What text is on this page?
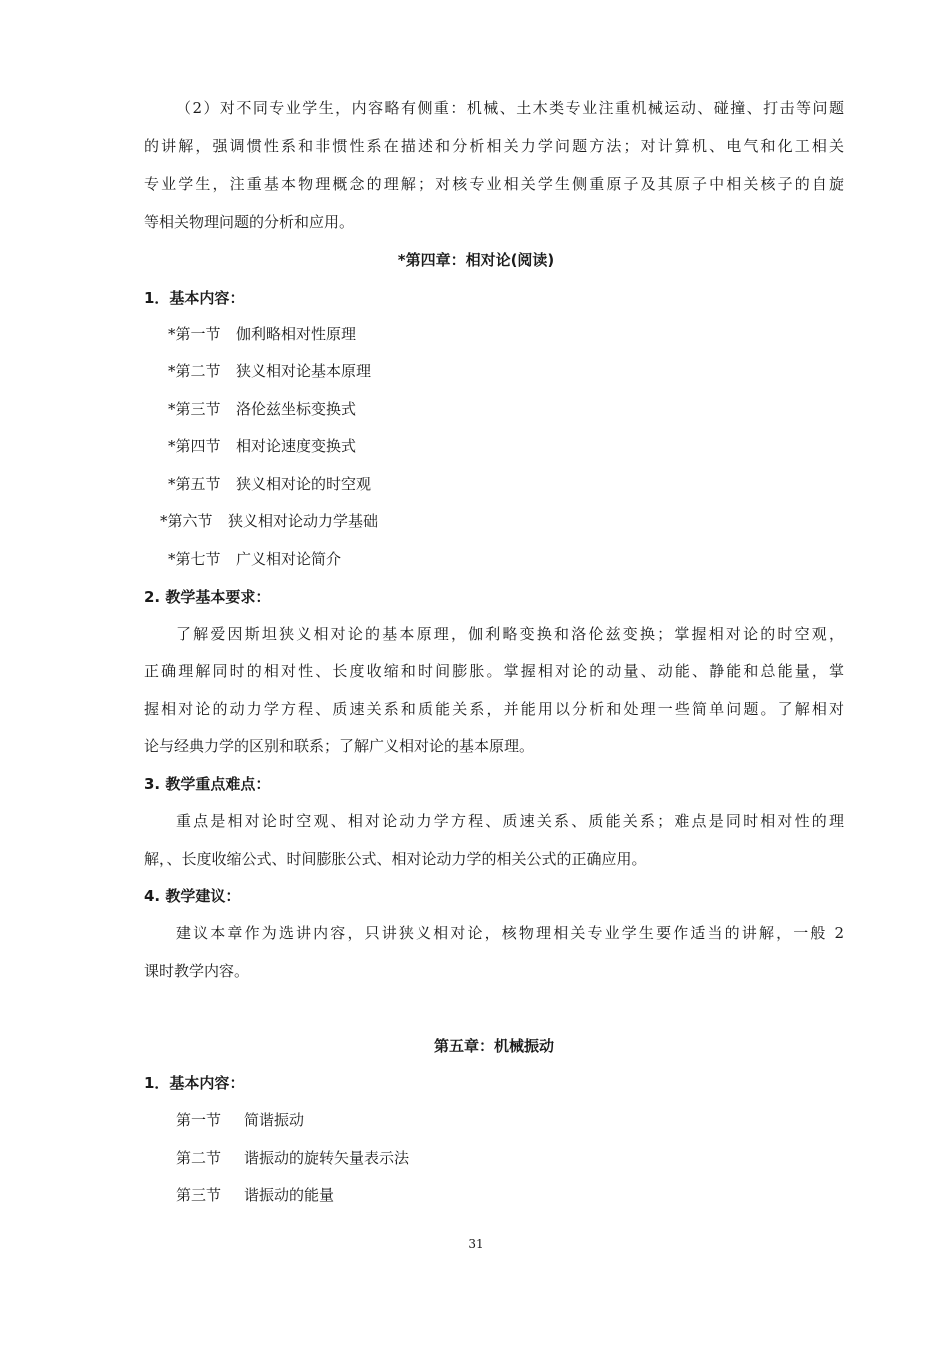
（2）对不同专业学生，内容略有侧重：机械、土木类专业注重机械运动、碰撞、打击等问题
的讲解，强调惯性系和非惯性系在描述和分析相关力学问题方法；对计算机、电气和化工相关
专业学生，注重基本物理概念的理解；对核专业相关学生侧重原子及其原子中相关核子的自旋
等相关物理问题的分析和应用。
*第四章：相对论(阅读)
1．基本内容：
*第一节 伽利略相对性原理
*第二节 狭义相对论基本原理
*第三节 洛伦兹坐标变换式
*第四节 相对论速度变换式
*第五节 狭义相对论的时空观
*第六节 狭义相对论动力学基础
*第七节 广义相对论简介
2. 教学基本要求：
了解爱因斯坦狭义相对论的基本原理，伽利略变换和洛伦兹变换；掌握相对论的时空观，
正确理解同时的相对性、长度收缩和时间膨胀。掌握相对论的动量、动能、静能和总能量，掌
握相对论的动力学方程、质速关系和质能关系，并能用以分析和处理一些简单问题。了解相对
论与经典力学的区别和联系；了解广义相对论的基本原理。
3. 教学重点难点：
重点是相对论时空观、相对论动力学方程、质速关系、质能关系；难点是同时相对性的理
解，、长度收缩公式、时间膨胀公式、相对论动力学的相关公式的正确应用。
4. 教学建议：
建议本章作为选讲内容，只讲狭义相对论，核物理相关专业学生要作适当的讲解，一般 2
课时教学内容。
第五章：机械振动
1．基本内容：
第一节 简谐振动
第二节 谐振动的旋转矢量表示法
第三节 谐振动的能量
31
